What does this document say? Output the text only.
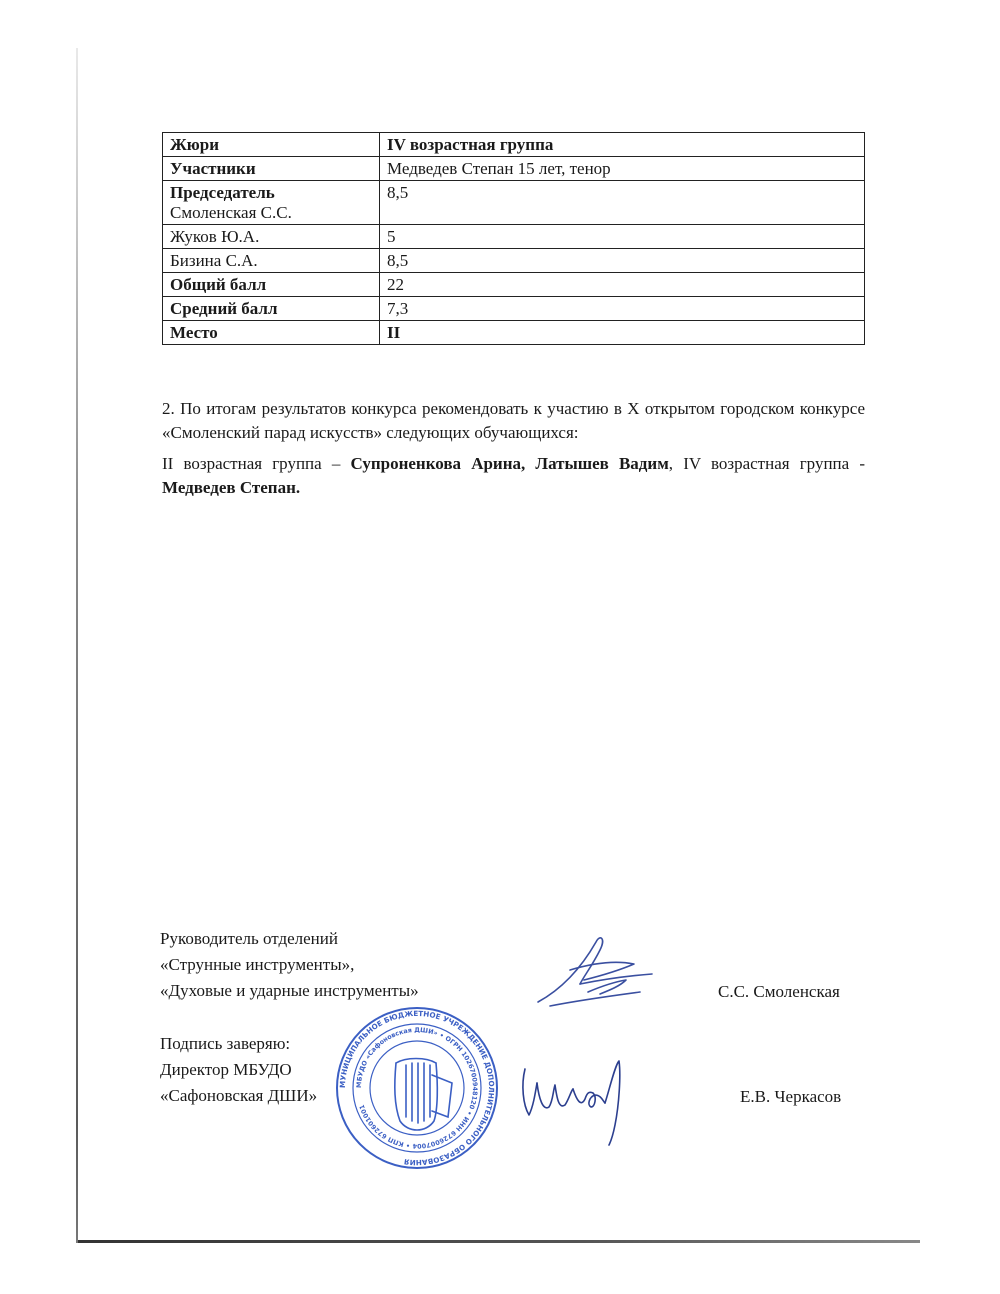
Жюри	IV возрастная группа
Участники	Медведев Степан 15 лет, тенор

Председатель
Смоленская С.С.	8,5
Жуков Ю.А.	5
Бизина С.А.	8,5
Общий балл	22
Средний балл	7,3
Место	II
2. По итогам результатов конкурса рекомендовать к участию в Х открытом городском конкурсе «Смоленский парад искусств» следующих обучающихся:
II возрастная группа – Супроненкова Арина, Латышев Вадим, IV возрастная группа - Медведев Степан.
Руководитель отделений
«Струнные инструменты»,
«Духовые и ударные инструменты»	С.С. Смоленская
Подпись заверяю:
Директор МБУДО
«Сафоновская ДШИ»	Е.В. Черкасов
МУНИЦИПАЛЬНОЕ БЮДЖЕТНОЕ УЧРЕЖДЕНИЕ ДОПОЛНИТЕЛЬНОГО ОБРАЗОВАНИЯ
МБУДО «Сафоновская ДШИ» • ОГРН 1026700948120 • ИНН 6726007004 • КПП 672601001
